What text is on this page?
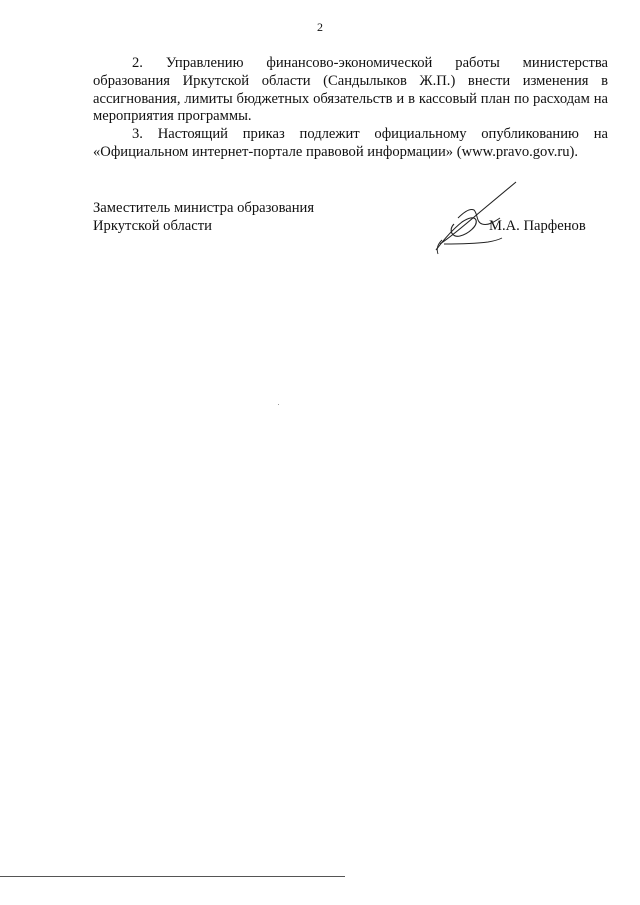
2

2. Управлению финансово-экономической работы министерства образования Иркутской области (Сандылыков Ж.П.) внести изменения в ассигнования, лимиты бюджетных обязательств и в кассовый план по расходам на мероприятия программы.

3. Настоящий приказ подлежит официальному опубликованию на «Официальном интернет-портале правовой информации» (www.pravo.gov.ru).

Заместитель министра образования
Иркутской области	М.А. Парфенов
